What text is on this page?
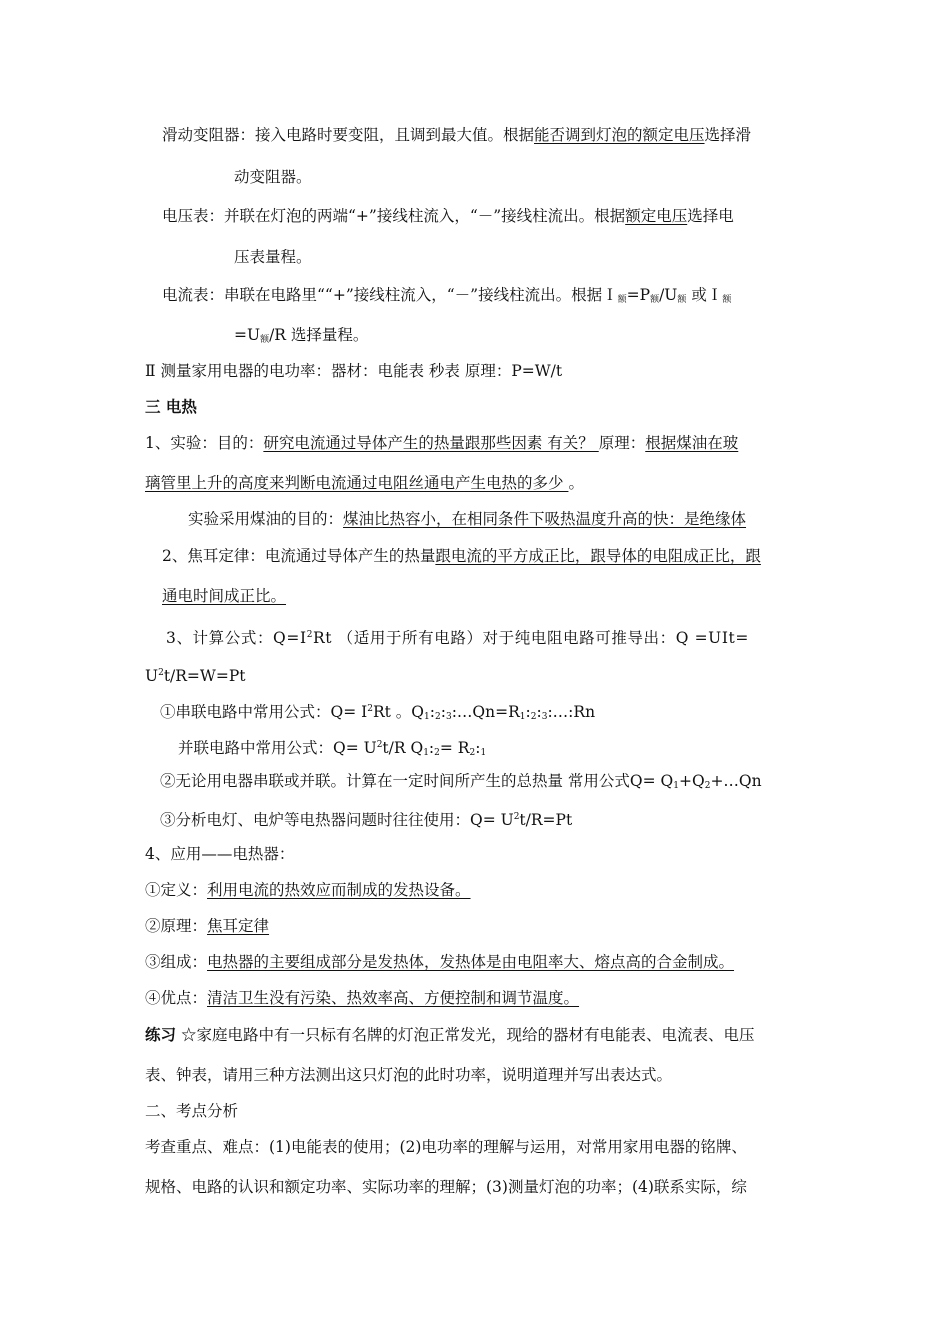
滑动变阻器：接入电路时要变阻，且调到最大值。根据能否调到灯泡的额定电压选择滑
动变阻器。
电压表：并联在灯泡的两端“+”接线柱流入，“－”接线柱流出。根据额定电压选择电
压表量程。
电流表：串联在电路里““+”接线柱流入，“－”接线柱流出。根据$I_额=P_额/U_额$ 或Ｉ$_额$
$=U_额/R$ 选择量程。
Ⅱ 测量家用电器的电功率：器材：电能表 秒表 原理：P=W/t
三 电热
1、实验：目的：研究电流通过导体产生的热量跟那些因素 有关？ 原理：根据煤油在玻
璃管里上升的高度来判断电流通过电阻丝通电产生电热的多少 。
实验采用煤油的目的：煤油比热容小，在相同条件下吸热温度升高的快：是绝缘体
2、焦耳定律：电流通过导体产生的热量跟电流的平方成正比，跟导体的电阻成正比，跟
通电时间成正比。
3、计算公式：$Q=I^2Rt$ （适用于所有电路）对于纯电阻电路可推导出：Q =UIt=
$U^2t/R=W=Pt$
①串联电路中常用公式：$Q= I^2Rt$ 。$Q_1:_2:_3:\dots Qn=R_1:_2:_3:\dots:Rn$
并联电路中常用公式：$Q= U^2t/R$ $Q_1:_2=$ $R_2:_1$
②无论用电器串联或并联。计算在一定时间所产生的总热量 常用公式$Q= Q_1+Q_2+\dots Qn$
③分析电灯、电炉等电热器问题时往往使用：$Q= U^2t/R=Pt$
4、应用——电热器：
①定义：利用电流的热效应而制成的发热设备。
②原理：焦耳定律
③组成：电热器的主要组成部分是发热体，发热体是由电阻率大、熔点高的合金制成。
④优点：清洁卫生没有污染、热效率高、方便控制和调节温度。
练习 ☆家庭电路中有一只标有名牌的灯泡正常发光，现给的器材有电能表、电流表、电压
表、钟表，请用三种方法测出这只灯泡的此时功率，说明道理并写出表达式。
二、考点分析
考查重点、难点：(1)电能表的使用；(2)电功率的理解与运用，对常用家用电器的铭牌、
规格、电路的认识和额定功率、实际功率的理解；(3)测量灯泡的功率；(4)联系实际，综
